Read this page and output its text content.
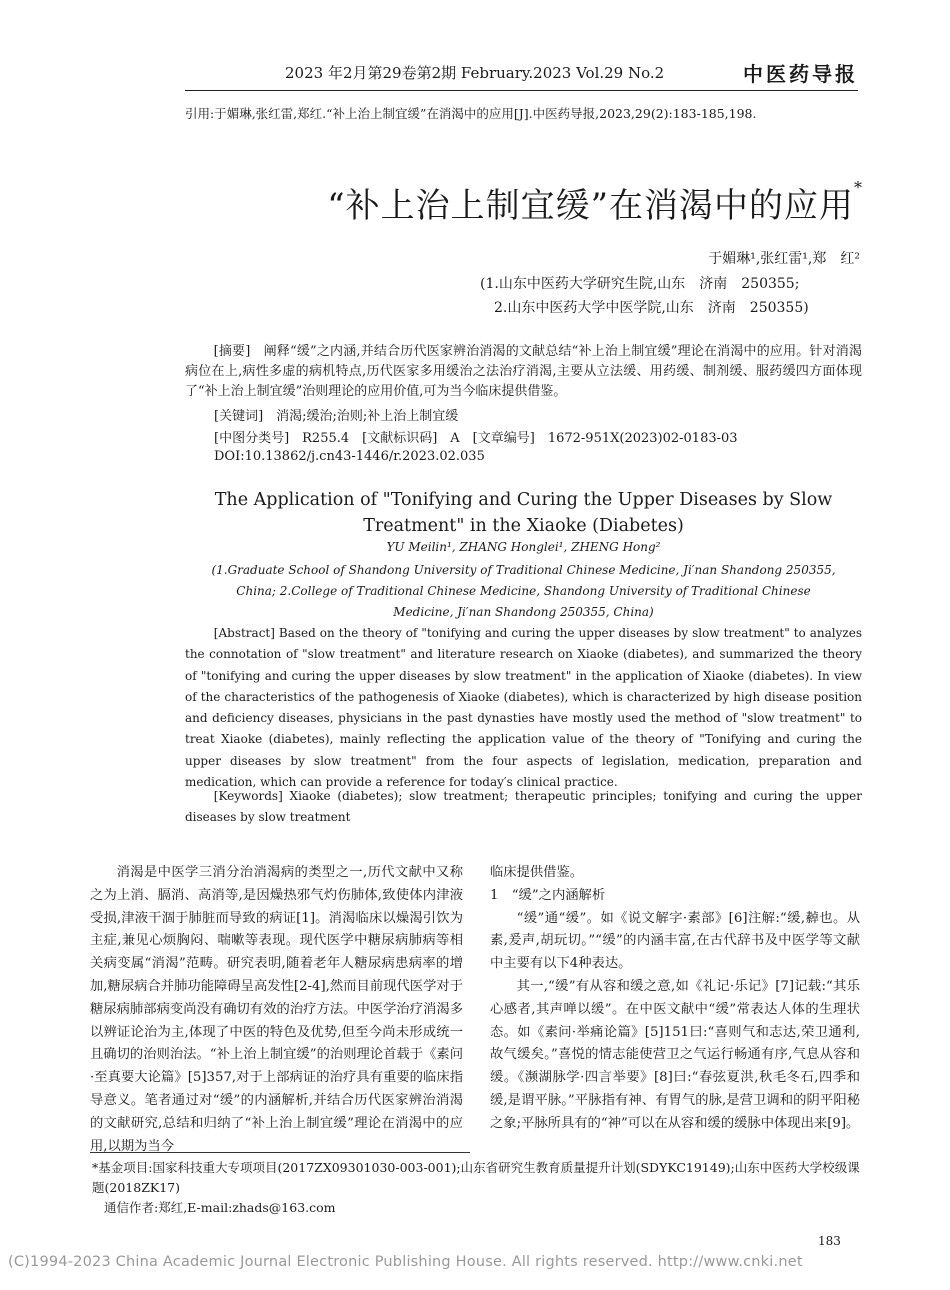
2023 年2月第29卷第2期 February.2023 Vol.29 No.2	中医药导报
引用:于媚琳,张红雷,郑红.“补上治上制宜缓”在消渴中的应用[J].中医药导报,2023,29(2):183-185,198.
“补上治上制宜缓”在消渴中的应用*
于媚琳¹,张红雷¹,郑　红²
(1.山东中医药大学研究生院,山东　济南　250355;
2.山东中医药大学中医学院,山东　济南　250355)
[摘要]　阐释“缓”之内涵,并结合历代医家辨治消渴的文献总结“补上治上制宜缓”理论在消渴中的应用。针对消渴病位在上,病性多虚的病机特点,历代医家多用缓治之法治疗消渴,主要从立法缓、用药缓、制剂缓、服药缓四方面体现了“补上治上制宜缓”治则理论的应用价值,可为当今临床提供借鉴。
[关键词]　消渴;缓治;治则;补上治上制宜缓
[中图分类号]　R255.4　[文献标识码]　A　[文章编号]　1672-951X(2023)02-0183-03
DOI:10.13862/j.cn43-1446/r.2023.02.035
The Application of "Tonifying and Curing the Upper Diseases by Slow Treatment" in the Xiaoke (Diabetes)
YU Meilin¹, ZHANG Honglei¹, ZHENG Hong²
(1.Graduate School of Shandong University of Traditional Chinese Medicine, Ji′nan Shandong 250355, China; 2.College of Traditional Chinese Medicine, Shandong University of Traditional Chinese Medicine, Ji′nan Shandong 250355, China)
[Abstract] Based on the theory of "tonifying and curing the upper diseases by slow treatment" to analyzes the connotation of "slow treatment" and literature research on Xiaoke (diabetes), and summarized the theory of "tonifying and curing the upper diseases by slow treatment" in the application of Xiaoke (diabetes). In view of the characteristics of the pathogenesis of Xiaoke (diabetes), which is characterized by high disease position and deficiency diseases, physicians in the past dynasties have mostly used the method of "slow treatment" to treat Xiaoke (diabetes), mainly reflecting the application value of the theory of "Tonifying and curing the upper diseases by slow treatment" from the four aspects of legislation, medication, preparation and medication, which can provide a reference for today′s clinical practice.
[Keywords] Xiaoke (diabetes); slow treatment; therapeutic principles; tonifying and curing the upper diseases by slow treatment

消渴是中医学三消分治消渴病的类型之一,历代文献中又称之为上消、膈消、高消等,是因燥热邪气灼伤肺体,致使体内津液受损,津液干涸于肺脏而导致的病证[1]。消渴临床以燥渴引饮为主症,兼见心烦胸闷、喘嗽等表现。现代医学中糖尿病肺病等相关病变属“消渴”范畴。研究表明,随着老年人糖尿病患病率的增加,糖尿病合并肺功能障碍呈高发性[2-4],然而目前现代医学对于糖尿病肺部病变尚没有确切有效的治疗方法。中医学治疗消渴多以辨证论治为主,体现了中医的特色及优势,但至今尚未形成统一且确切的治则治法。“补上治上制宜缓”的治则理论首载于《素问·至真要大论篇》[5]357,对于上部病证的治疗具有重要的临床指导意义。笔者通过对“缓”的内涵解析,并结合历代医家辨治消渴的文献研究,总结和归纳了“补上治上制宜缓”理论在消渴中的应用,以期为当今

临床提供借鉴。

1　“缓”之内涵解析

“缓”通“缓”。如《说文解字·素部》[6]注解:“缓,繛也。从素,爰声,胡玩切。”“缓”的内涵丰富,在古代辞书及中医学等文献中主要有以下4种表达。

其一,“缓”有从容和缓之意,如《礼记·乐记》[7]记载:“其乐心感者,其声啴以缓”。在中医文献中“缓”常表达人体的生理状态。如《素问·举痛论篇》[5]151曰:“喜则气和志达,荣卫通利,故气缓矣。”喜悦的情志能使营卫之气运行畅通有序,气息从容和缓。《濒湖脉学·四言举要》[8]曰:“春弦夏洪,秋毛冬石,四季和缓,是谓平脉。”平脉指有神、有胃气的脉,是营卫调和的阴平阳秘之象;平脉所具有的“神”可以在从容和缓的缓脉中体现出来[9]。

*基金项目:国家科技重大专项项目(2017ZX09301030-003-001);山东省研究生教育质量提升计划(SDYKC19149);山东中医药大学校级课题(2018ZK17)
通信作者:郑红,E-mail:zhads@163.com
183
(C)1994-2023 China Academic Journal Electronic Publishing House. All rights reserved. http://www.cnki.net
